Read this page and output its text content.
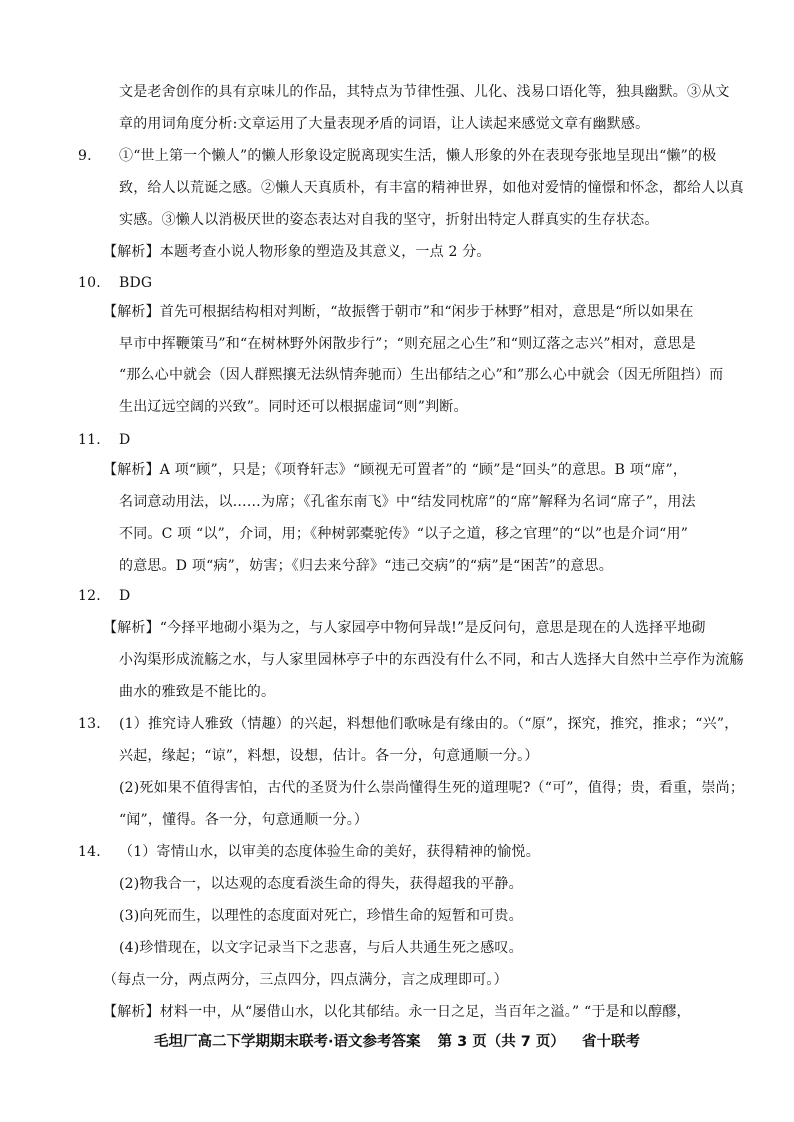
文是老舍创作的具有京味儿的作品，其特点为节律性强、儿化、浅易口语化等，独具幽默。③从文
章的用词角度分析:文章运用了大量表现矛盾的词语，让人读起来感觉文章有幽默感。
9. ①“世上第一个懒人”的懒人形象设定脱离现实生活，懒人形象的外在表现夸张地呈现出“懒”的极
致，给人以荒诞之感。②懒人天真质朴，有丰富的精神世界，如他对爱情的憧憬和怀念，都给人以真
实感。③懒人以消极厌世的姿态表达对自我的坚守，折射出特定人群真实的生存状态。
【解析】本题考查小说人物形象的塑造及其意义，一点 2 分。
10. BDG
【解析】首先可根据结构相对判断，“故振辔于朝市”和“闲步于林野”相对，意思是“所以如果在
早市中挥鞭策马”和“在树林野外闲散步行”；“则充屈之心生”和“则辽落之志兴”相对，意思是
“那么心中就会（因人群熙攘无法纵情奔驰而）生出郁结之心”和”那么心中就会（因无所阻挡）而
生出辽远空阔的兴致”。同时还可以根据虚词“则”判断。
11. D
【解析】A 项“顾”，只是；《项脊轩志》“顾视无可置者”的 “顾”是“回头”的意思。B 项“席”，
名词意动用法，以……为席；《孔雀东南飞》中“结发同枕席”的“席”解释为名词“席子”，用法
不同。C 项 “以”，介词，用；《种树郭橐驼传》“以子之道，移之官理”的“以”也是介词“用”
的意思。D 项“病”，妨害；《归去来兮辞》“违己交病”的“病”是“困苦”的意思。
12. D
【解析】“今择平地砌小渠为之，与人家园亭中物何异哉!”是反问句，意思是现在的人选择平地砌
小沟渠形成流觞之水，与人家里园林亭子中的东西没有什么不同，和古人选择大自然中兰亭作为流觞
曲水的雅致是不能比的。
13. (1）推究诗人雅致（情趣）的兴起，料想他们歌咏是有缘由的。（“原”，探究，推究，推求；“兴”，
兴起，缘起；“谅”，料想，设想，估计。各一分，句意通顺一分。）
(2)死如果不值得害怕，古代的圣贤为什么崇尚懂得生死的道理呢?（“可”，值得；贵，看重，崇尚；
“闻”，懂得。各一分，句意通顺一分。）
14. （1）寄情山水，以审美的态度体验生命的美好，获得精神的愉悦。
(2)物我合一，以达观的态度看淡生命的得失，获得超我的平静。
(3)向死而生，以理性的态度面对死亡，珍惜生命的短暂和可贵。
(4)珍惜现在，以文字记录当下之悲喜，与后人共通生死之感叹。
（每点一分，两点两分，三点四分，四点满分，言之成理即可。）
【解析】材料一中，从“屡借山水，以化其郁结。永一日之足，当百年之溢。” “于是和以醇醪，
毛坦厂高二下学期期末联考·语文参考答案 第 3 页（共 7 页） 省十联考
